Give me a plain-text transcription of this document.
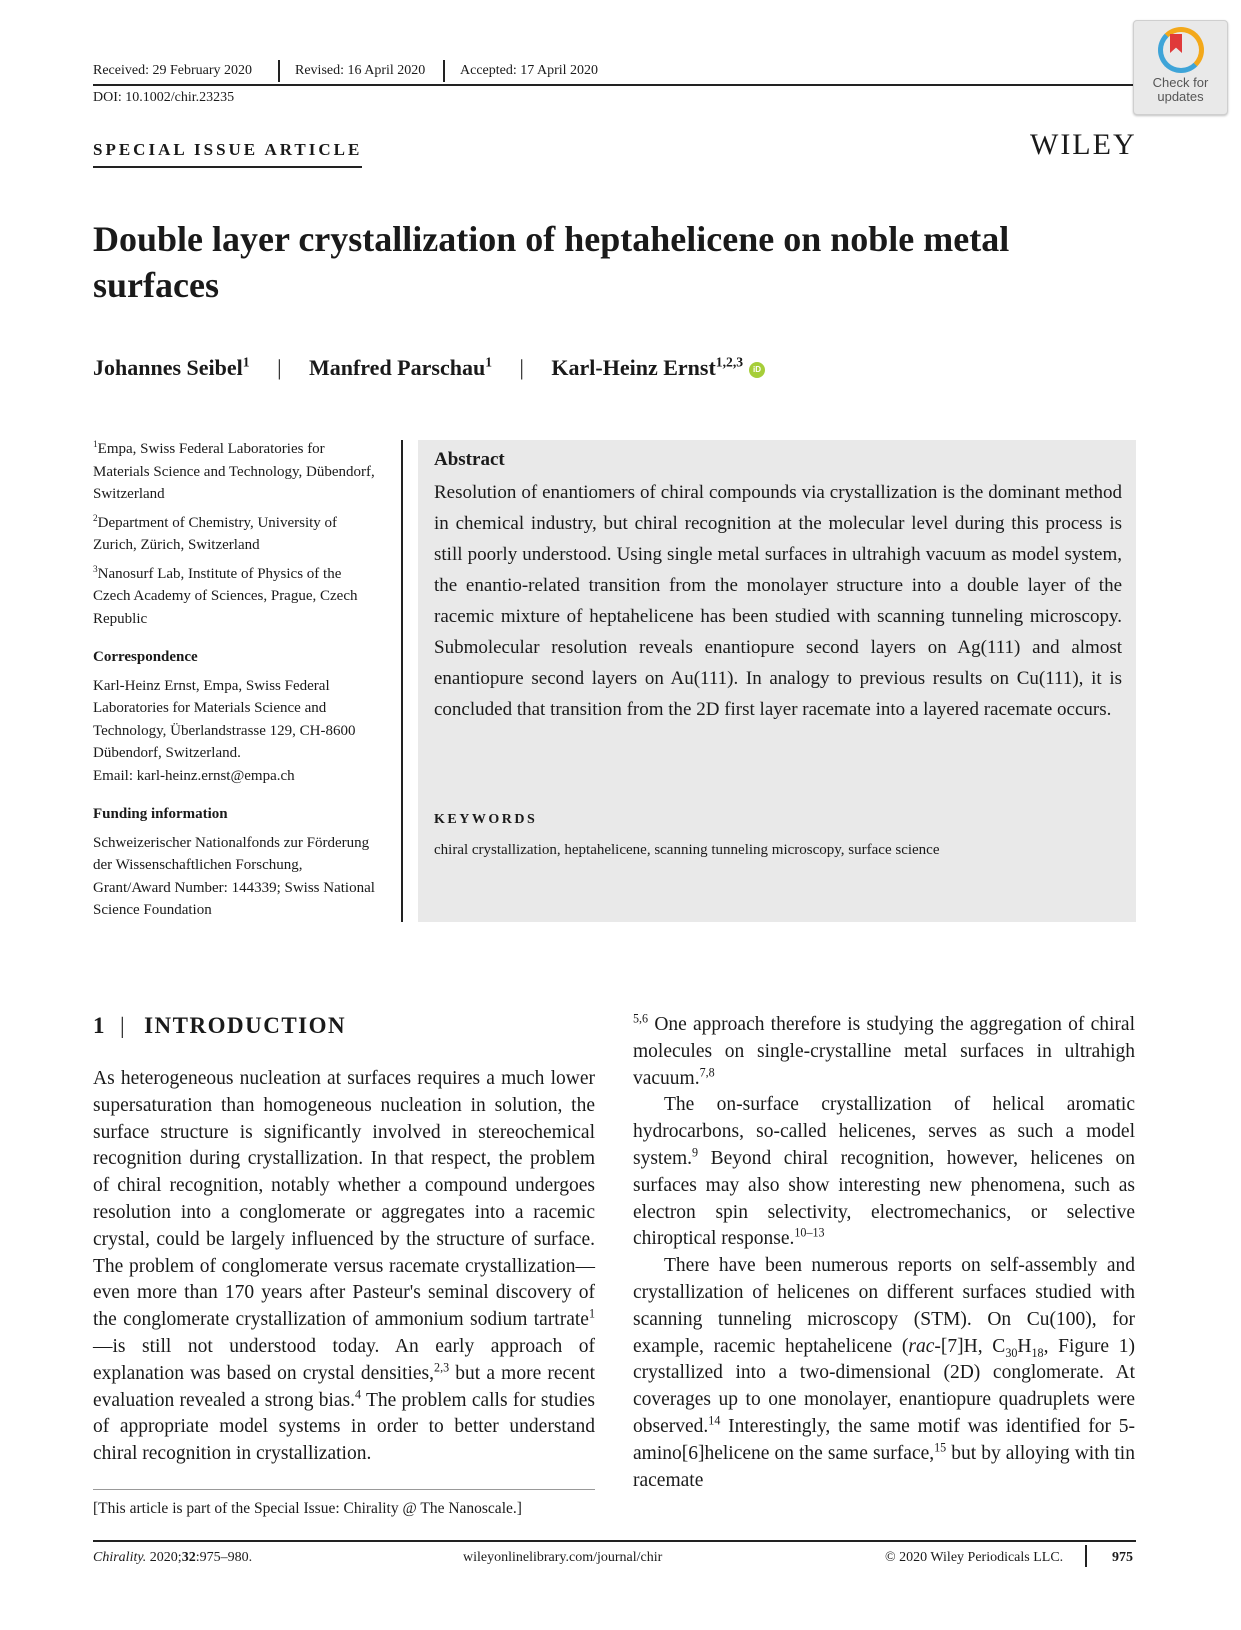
Received: 29 February 2020	Revised: 16 April 2020 Accepted: 17 April 2020
DOI: 10.1002/chir.23235
Check for
updates
WILEY
SPECIAL ISSUE ARTICLE
Double layer crystallization of heptahelicene on noble metal surfaces
Johannes Seibel$^1$ | Manfred Parschau$^1$ | Karl-Heinz Ernst$^{1,2,3}$ iD

$^1$Empa, Swiss Federal Laboratories for Materials Science and Technology, Dübendorf, Switzerland

$^2$Department of Chemistry, University of Zurich, Zürich, Switzerland

$^3$Nanosurf Lab, Institute of Physics of the Czech Academy of Sciences, Prague, Czech Republic

Correspondence

Karl-Heinz Ernst, Empa, Swiss Federal Laboratories for Materials Science and Technology, Überlandstrasse 129, CH-8600 Dübendorf, Switzerland.

Email: karl-heinz.ernst@empa.ch

Funding information

Schweizerischer Nationalfonds zur Förderung der Wissenschaftlichen Forschung, Grant/Award Number: 144339; Swiss National Science Foundation

Abstract
Resolution of enantiomers of chiral compounds via crystallization is the dominant method in chemical industry, but chiral recognition at the molecular level during this process is still poorly understood. Using single metal surfaces in ultrahigh vacuum as model system, the enantio-related transition from the monolayer structure into a double layer of the racemic mixture of heptahelicene has been studied with scanning tunneling microscopy. Submolecular resolution reveals enantiopure second layers on Ag(111) and almost enantiopure second layers on Au(111). In analogy to previous results on Cu(111), it is concluded that transition from the 2D first layer racemate into a layered racemate occurs.
KEYWORDS
chiral crystallization, heptahelicene, scanning tunneling microscopy, surface science
1 | INTRODUCTION

As heterogeneous nucleation at surfaces requires a much lower supersaturation than homogeneous nucleation in solution, the surface structure is significantly involved in stereochemical recognition during crystallization. In that respect, the problem of chiral recognition, notably whether a compound undergoes resolution into a conglomerate or aggregates into a racemic crystal, could be largely influenced by the structure of surface. The problem of conglomerate versus racemate crystallization—even more than 170 years after Pasteur's seminal discovery of the conglomerate crystallization of ammonium sodium tartrate$^1$—is still not understood today. An early approach of explanation was based on crystal densities,$^{2,3}$ but a more recent evaluation revealed a strong bias.$^4$ The problem calls for studies of appropriate model systems in order to better understand chiral recognition in crystallization.

$^{5,6}$ One approach therefore is studying the aggregation of chiral molecules on single-crystalline metal surfaces in ultrahigh vacuum.$^{7,8}$

The on-surface crystallization of helical aromatic hydrocarbons, so-called helicenes, serves as such a model system.$^9$ Beyond chiral recognition, however, helicenes on surfaces may also show interesting new phenomena, such as electron spin selectivity, electromechanics, or selective chiroptical response.$^{10-13}$

There have been numerous reports on self-assembly and crystallization of helicenes on different surfaces studied with scanning tunneling microscopy (STM). On Cu(100), for example, racemic heptahelicene (rac-[7]H, $C_{30}H_{18}$, Figure 1) crystallized into a two-dimensional (2D) conglomerate. At coverages up to one monolayer, enantiopure quadruplets were observed.$^{14}$ Interestingly, the same motif was identified for 5-amino[6]helicene on the same surface,$^{15}$ but by alloying with tin racemate

[This article is part of the Special Issue: Chirality @ The Nanoscale.]
Chirality. 2020;32:975–980.	wileyonlinelibrary.com/journal/chir	© 2020 Wiley Periodicals LLC.	975
